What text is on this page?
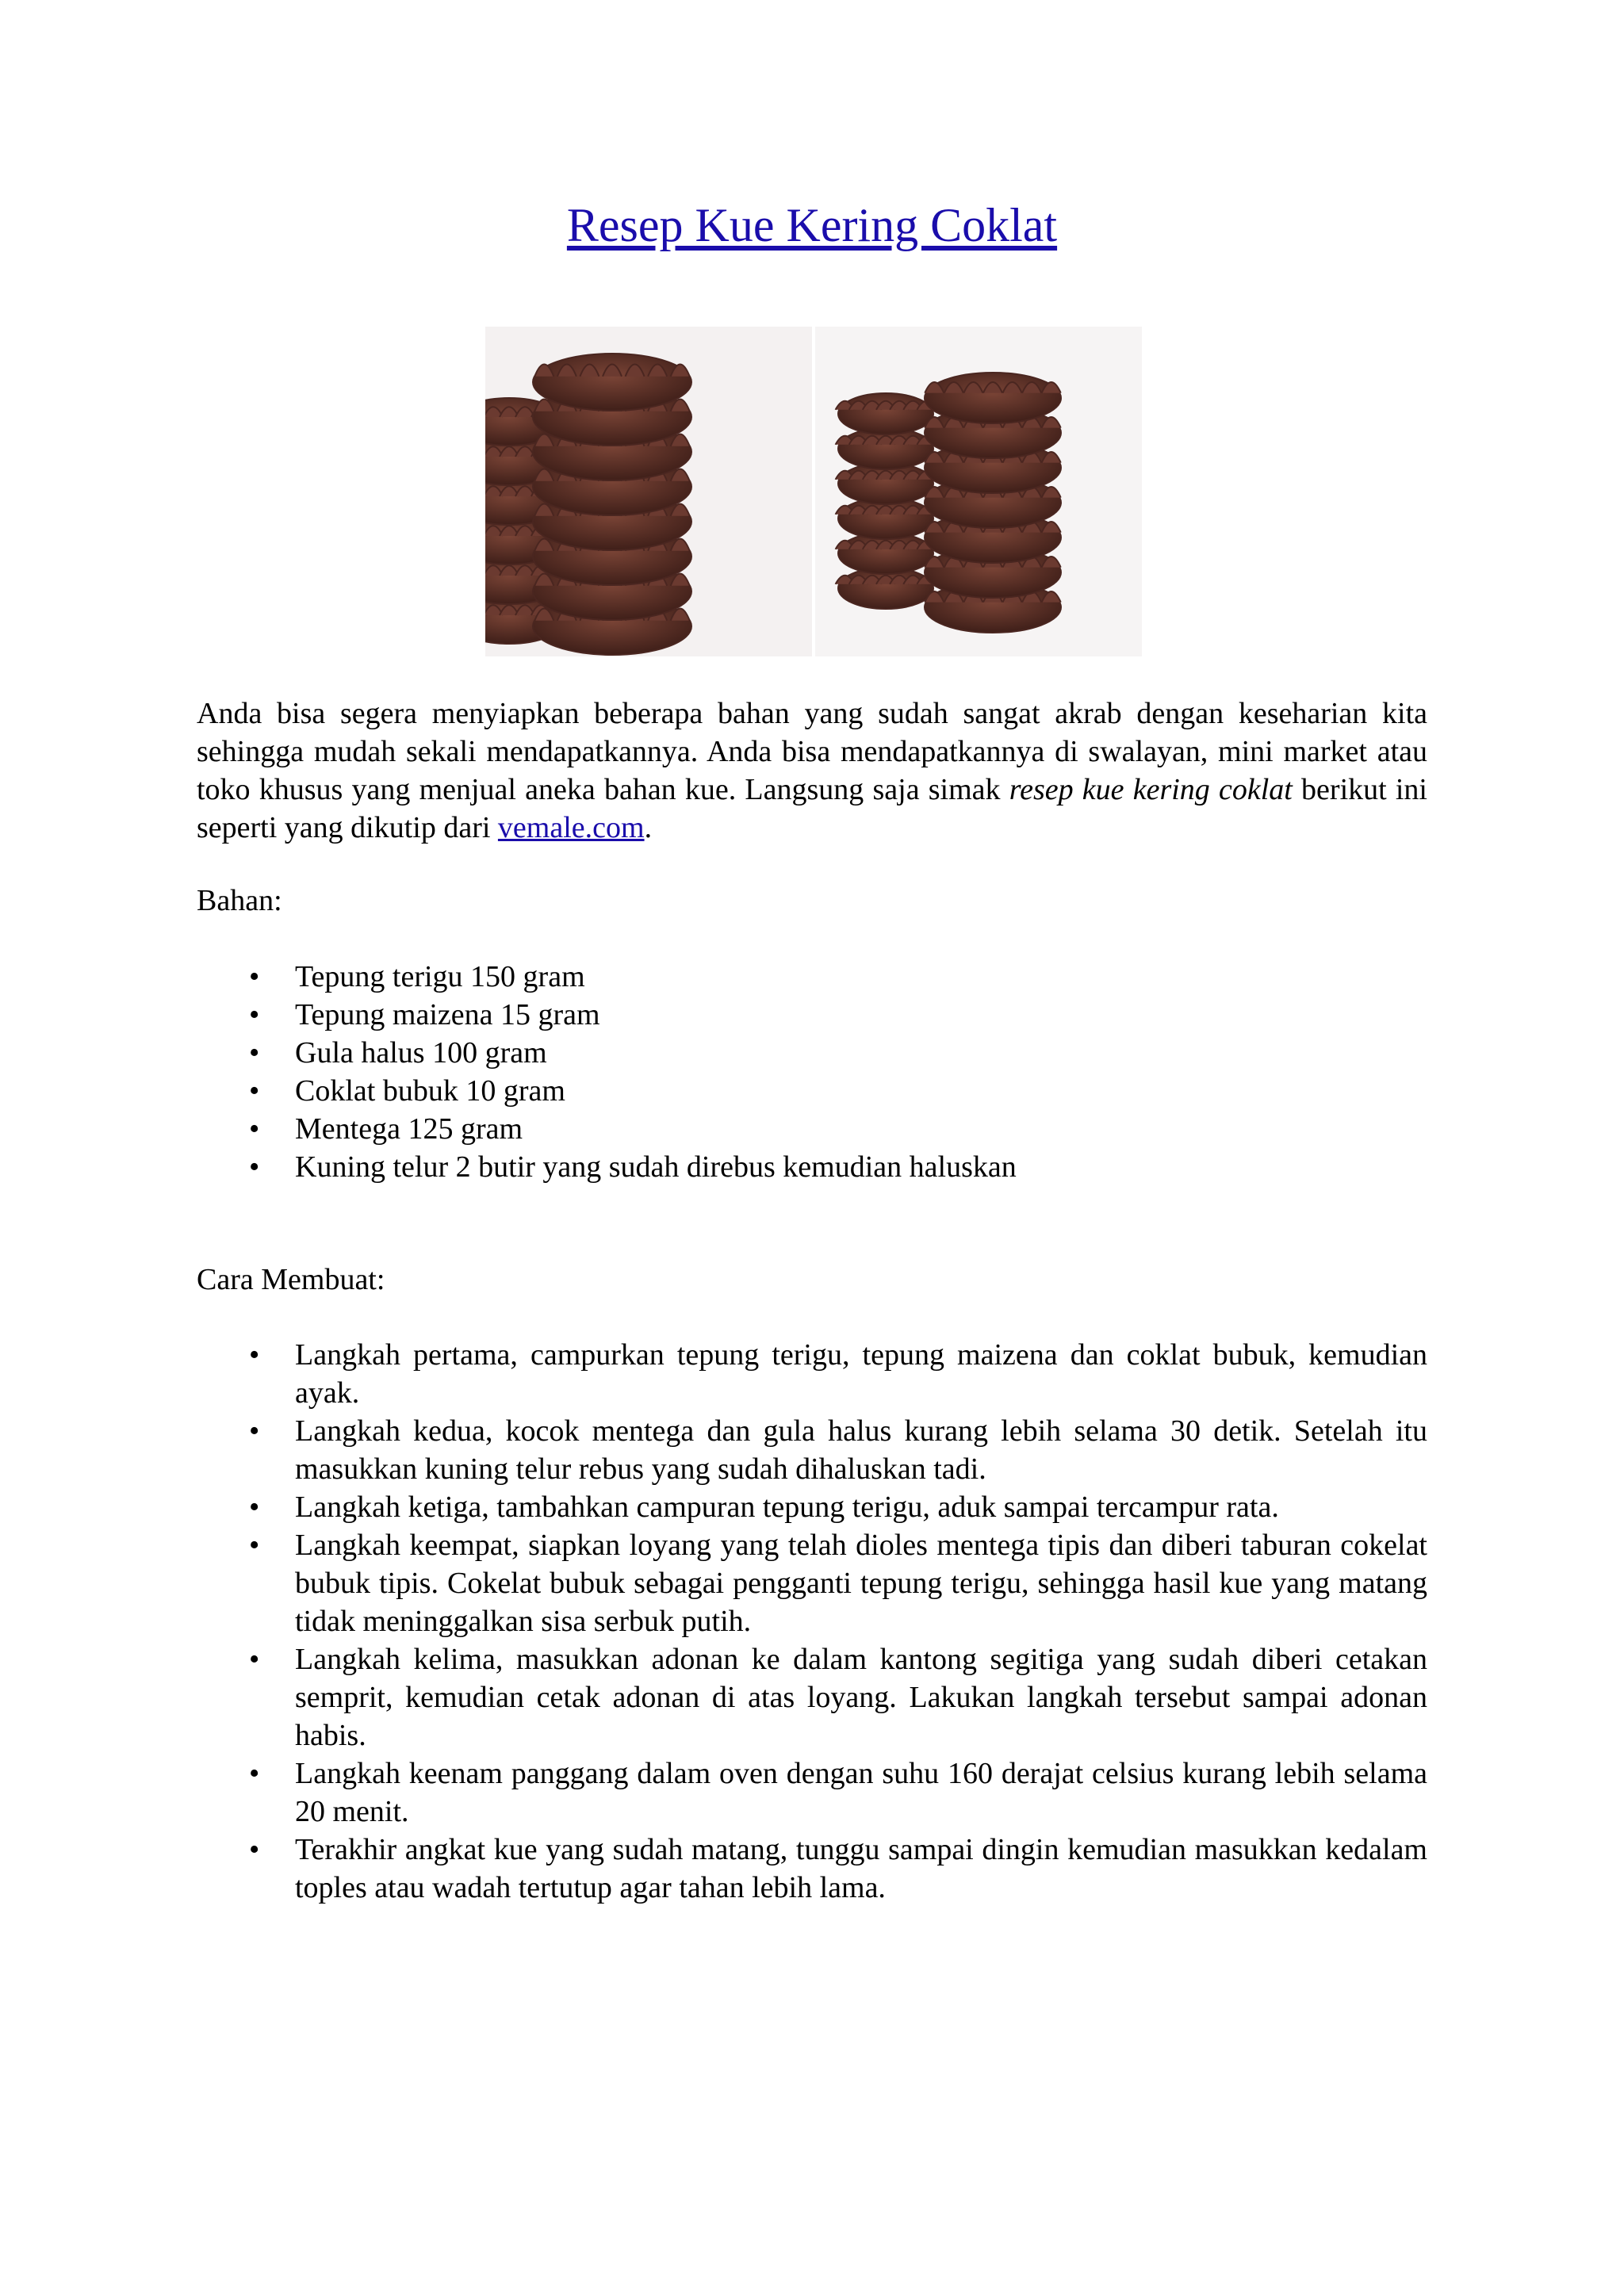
Resep Kue Kering Coklat
Anda bisa segera menyiapkan beberapa bahan yang sudah sangat akrab dengan keseharian kita sehingga mudah sekali mendapatkannya. Anda bisa mendapatkannya di swalayan, mini market atau toko khusus yang menjual aneka bahan kue. Langsung saja simak resep kue kering coklat berikut ini seperti yang dikutip dari vemale.com.
Bahan:
• Tepung terigu 150 gram
• Tepung maizena 15 gram
• Gula halus 100 gram
• Coklat bubuk 10 gram
• Mentega 125 gram
• Kuning telur 2 butir yang sudah direbus kemudian haluskan
Cara Membuat:
• Langkah pertama, campurkan tepung terigu, tepung maizena dan coklat bubuk, kemudian ayak.
• Langkah kedua, kocok mentega dan gula halus kurang lebih selama 30 detik. Setelah itu masukkan kuning telur rebus yang sudah dihaluskan tadi.
• Langkah ketiga, tambahkan campuran tepung terigu, aduk sampai tercampur rata.
• Langkah keempat, siapkan loyang yang telah dioles mentega tipis dan diberi taburan cokelat bubuk tipis. Cokelat bubuk sebagai pengganti tepung terigu, sehingga hasil kue yang matang tidak meninggalkan sisa serbuk putih.
• Langkah kelima, masukkan adonan ke dalam kantong segitiga yang sudah diberi cetakan semprit, kemudian cetak adonan di atas loyang. Lakukan langkah tersebut sampai adonan habis.
• Langkah keenam panggang dalam oven dengan suhu 160 derajat celsius kurang lebih selama 20 menit.
• Terakhir angkat kue yang sudah matang, tunggu sampai dingin kemudian masukkan kedalam toples atau wadah tertutup agar tahan lebih lama.
